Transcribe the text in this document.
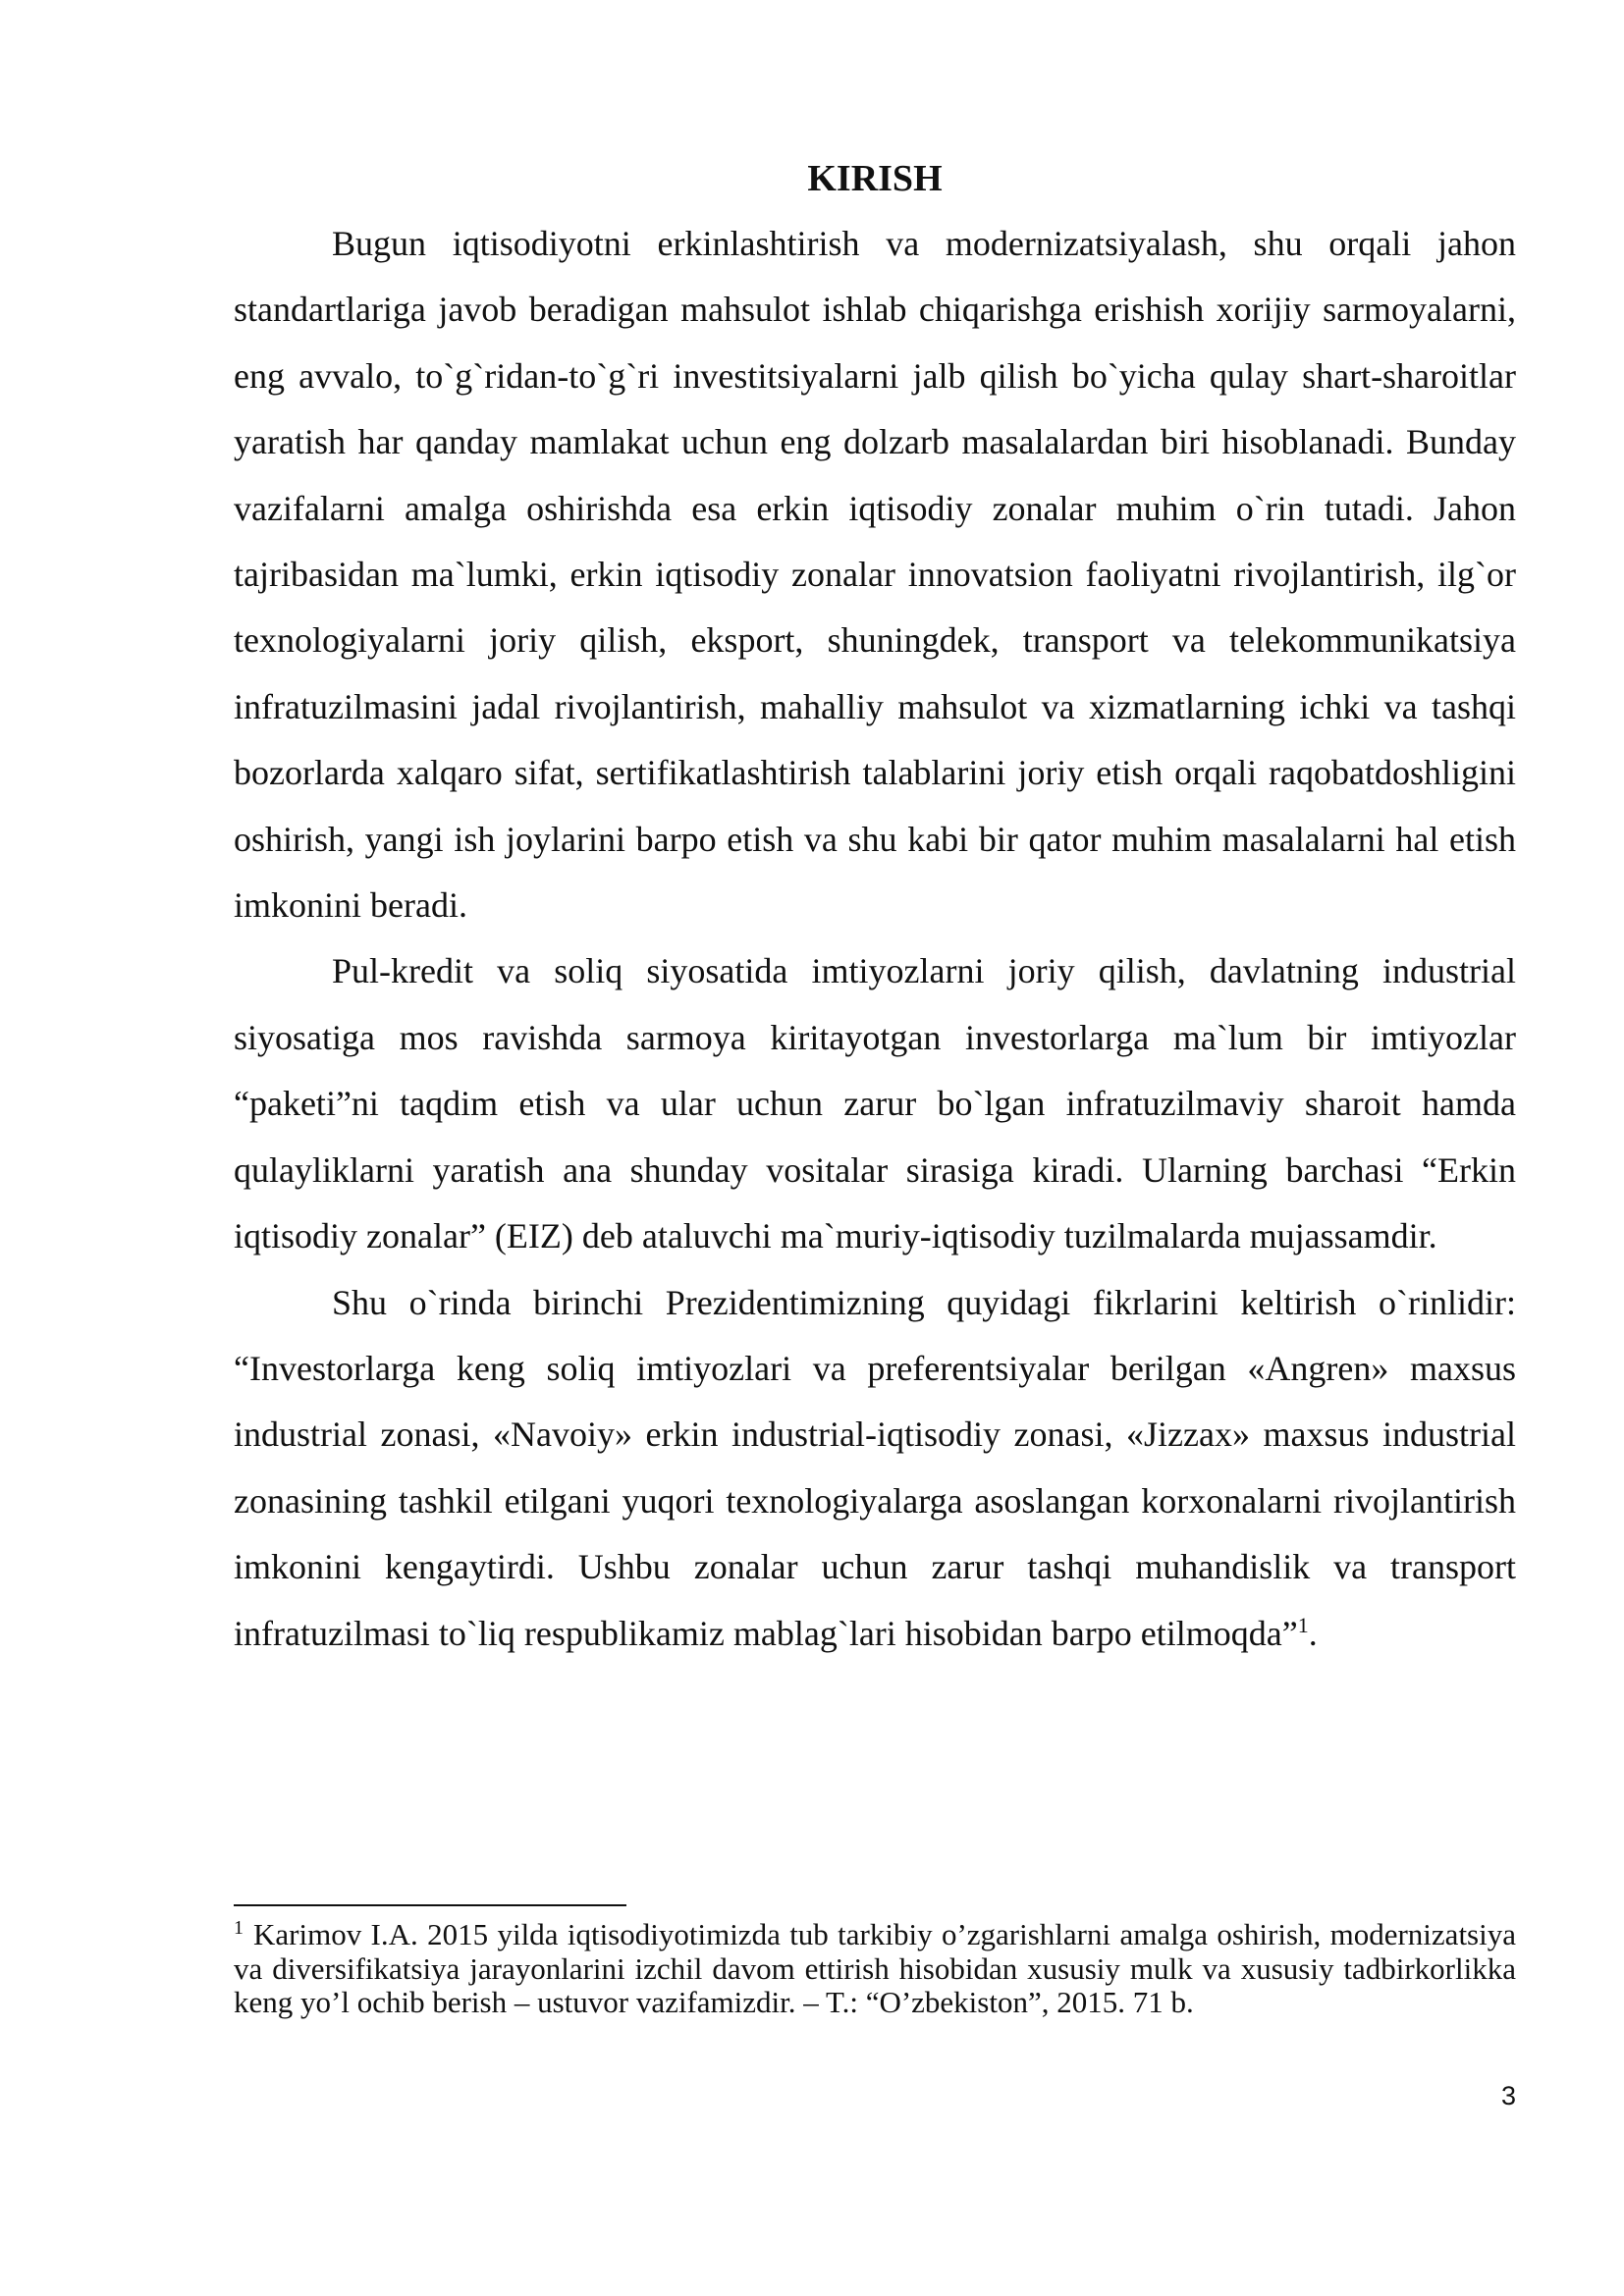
KIRISH

Bugun iqtisodiyotni erkinlashtirish va modernizatsiyalash, shu orqali jahon standartlariga javob beradigan mahsulot ishlab chiqarishga erishish xorijiy sarmoyalarni, eng avvalo, to`g`ridan-to`g`ri investitsiyalarni jalb qilish bo`yicha qulay shart-sharoitlar yaratish har qanday mamlakat uchun eng dolzarb masalalardan biri hisoblanadi. Bunday vazifalarni amalga oshirishda esa erkin iqtisodiy zonalar muhim o`rin tutadi. Jahon tajribasidan ma`lumki, erkin iqtisodiy zonalar innovatsion faoliyatni rivojlantirish, ilg`or texnologiyalarni joriy qilish, eksport, shuningdek, transport va telekommunikatsiya infratuzilmasini jadal rivojlantirish, mahalliy mahsulot va xizmatlarning ichki va tashqi bozorlarda xalqaro sifat, sertifikatlashtirish talablarini joriy etish orqali raqobatdoshligini oshirish, yangi ish joylarini barpo etish va shu kabi bir qator muhim masalalarni hal etish imkonini beradi.

Pul-kredit va soliq siyosatida imtiyozlarni joriy qilish, davlatning industrial siyosatiga mos ravishda sarmoya kiritayotgan investorlarga ma`lum bir imtiyozlar “paketi”ni taqdim etish va ular uchun zarur bo`lgan infratuzilmaviy sharoit hamda qulayliklarni yaratish ana shunday vositalar sirasiga kiradi. Ularning barchasi “Erkin iqtisodiy zonalar” (EIZ) deb ataluvchi ma`muriy-iqtisodiy tuzilmalarda mujassamdir.

Shu o`rinda birinchi Prezidentimizning quyidagi fikrlarini keltirish o`rinlidir: “Investorlarga keng soliq imtiyozlari va preferentsiyalar berilgan «Angren» maxsus industrial zonasi, «Navoiy» erkin industrial-iqtisodiy zonasi, «Jizzax» maxsus industrial zonasining tashkil etilgani yuqori texnologiyalarga asoslangan korxonalarni rivojlantirish imkonini kengaytirdi. Ushbu zonalar uchun zarur tashqi muhandislik va transport infratuzilmasi to`liq respublikamiz mablag`lari hisobidan barpo etilmoqda”$^1$.

$^1$ Karimov I.A. 2015 yilda iqtisodiyotimizda tub tarkibiy o’zgarishlarni amalga oshirish, modernizatsiya va diversifikatsiya jarayonlarini izchil davom ettirish hisobidan xususiy mulk va xususiy tadbirkorlikka keng yo’l ochib berish – ustuvor vazifamizdir. – T.: “O’zbekiston”, 2015. 71 b.

3
